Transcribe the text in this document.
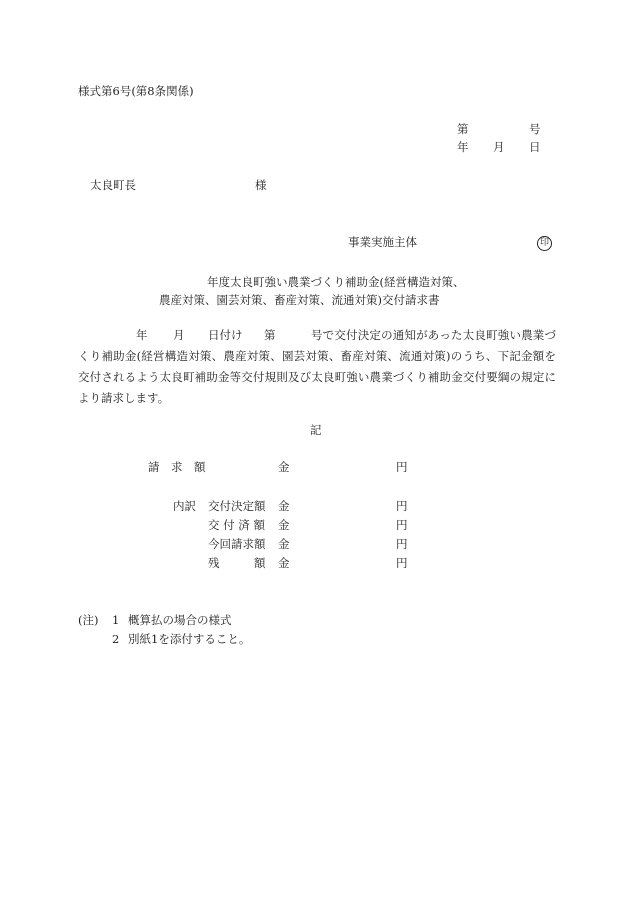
様式第6号(第8条関係)
第	号
年 月 日
太良町長	様
事業実施主体	印
年度太良町強い農業づくり補助金(経営構造対策、
農産対策、園芸対策、畜産対策、流通対策)交付請求書
年 月 日付け 第	号で交付決定の通知があった太良町強い農業づくり補助金(経営構造対策、農産対策、園芸対策、畜産対策、流通対策)のうち、下記金額を交付されるよう太良町補助金等交付規則及び太良町強い農業づくり補助金交付要綱の規定により請求します。
記
請　求　額	金	円
内訳 交付決定額 金	円
交 付 済 額 金	円
今回請求額 金	円
残　　　額 金	円
(注) 1 概算払の場合の様式
2 別紙1を添付すること。
